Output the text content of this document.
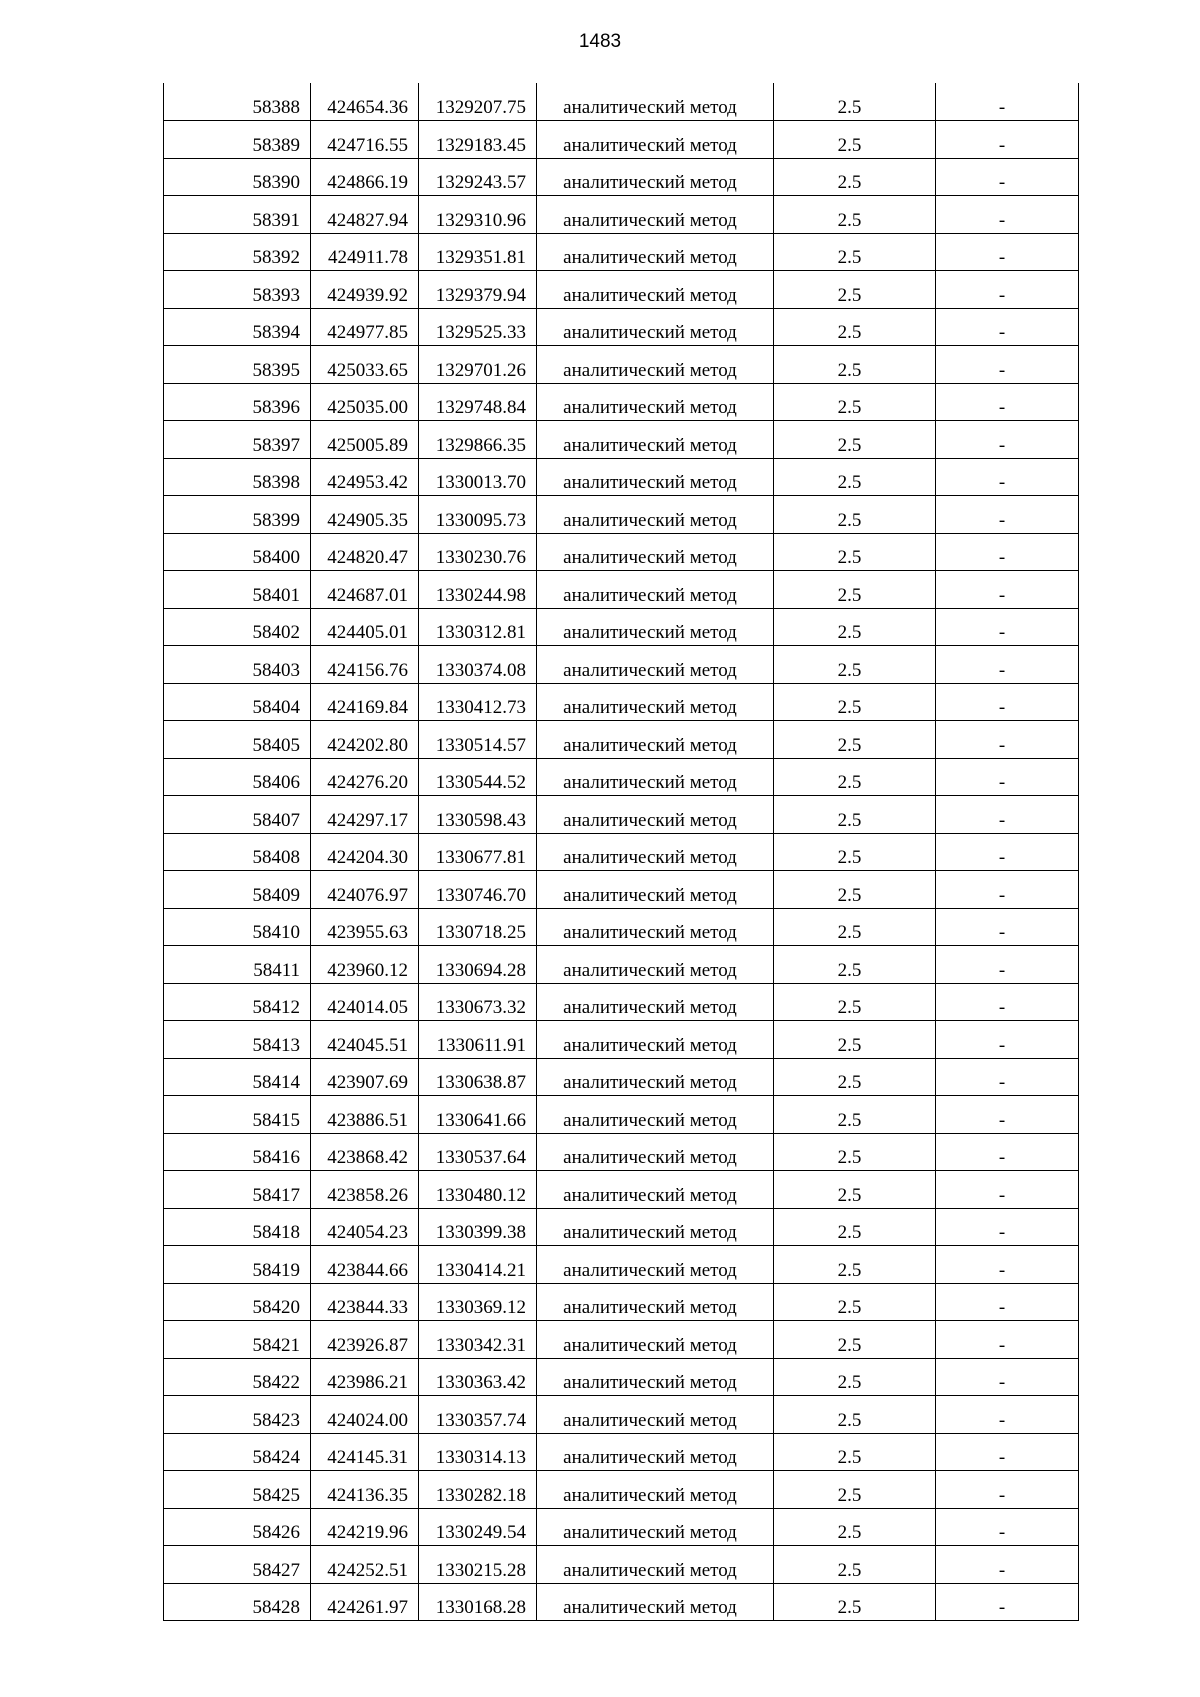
1483
58388	424654.36	1329207.75	аналитический метод	2.5	-
58389	424716.55	1329183.45	аналитический метод	2.5	-
58390	424866.19	1329243.57	аналитический метод	2.5	-
58391	424827.94	1329310.96	аналитический метод	2.5	-
58392	424911.78	1329351.81	аналитический метод	2.5	-
58393	424939.92	1329379.94	аналитический метод	2.5	-
58394	424977.85	1329525.33	аналитический метод	2.5	-
58395	425033.65	1329701.26	аналитический метод	2.5	-
58396	425035.00	1329748.84	аналитический метод	2.5	-
58397	425005.89	1329866.35	аналитический метод	2.5	-
58398	424953.42	1330013.70	аналитический метод	2.5	-
58399	424905.35	1330095.73	аналитический метод	2.5	-
58400	424820.47	1330230.76	аналитический метод	2.5	-
58401	424687.01	1330244.98	аналитический метод	2.5	-
58402	424405.01	1330312.81	аналитический метод	2.5	-
58403	424156.76	1330374.08	аналитический метод	2.5	-
58404	424169.84	1330412.73	аналитический метод	2.5	-
58405	424202.80	1330514.57	аналитический метод	2.5	-
58406	424276.20	1330544.52	аналитический метод	2.5	-
58407	424297.17	1330598.43	аналитический метод	2.5	-
58408	424204.30	1330677.81	аналитический метод	2.5	-
58409	424076.97	1330746.70	аналитический метод	2.5	-
58410	423955.63	1330718.25	аналитический метод	2.5	-
58411	423960.12	1330694.28	аналитический метод	2.5	-
58412	424014.05	1330673.32	аналитический метод	2.5	-
58413	424045.51	1330611.91	аналитический метод	2.5	-
58414	423907.69	1330638.87	аналитический метод	2.5	-
58415	423886.51	1330641.66	аналитический метод	2.5	-
58416	423868.42	1330537.64	аналитический метод	2.5	-
58417	423858.26	1330480.12	аналитический метод	2.5	-
58418	424054.23	1330399.38	аналитический метод	2.5	-
58419	423844.66	1330414.21	аналитический метод	2.5	-
58420	423844.33	1330369.12	аналитический метод	2.5	-
58421	423926.87	1330342.31	аналитический метод	2.5	-
58422	423986.21	1330363.42	аналитический метод	2.5	-
58423	424024.00	1330357.74	аналитический метод	2.5	-
58424	424145.31	1330314.13	аналитический метод	2.5	-
58425	424136.35	1330282.18	аналитический метод	2.5	-
58426	424219.96	1330249.54	аналитический метод	2.5	-
58427	424252.51	1330215.28	аналитический метод	2.5	-
58428	424261.97	1330168.28	аналитический метод	2.5	-
